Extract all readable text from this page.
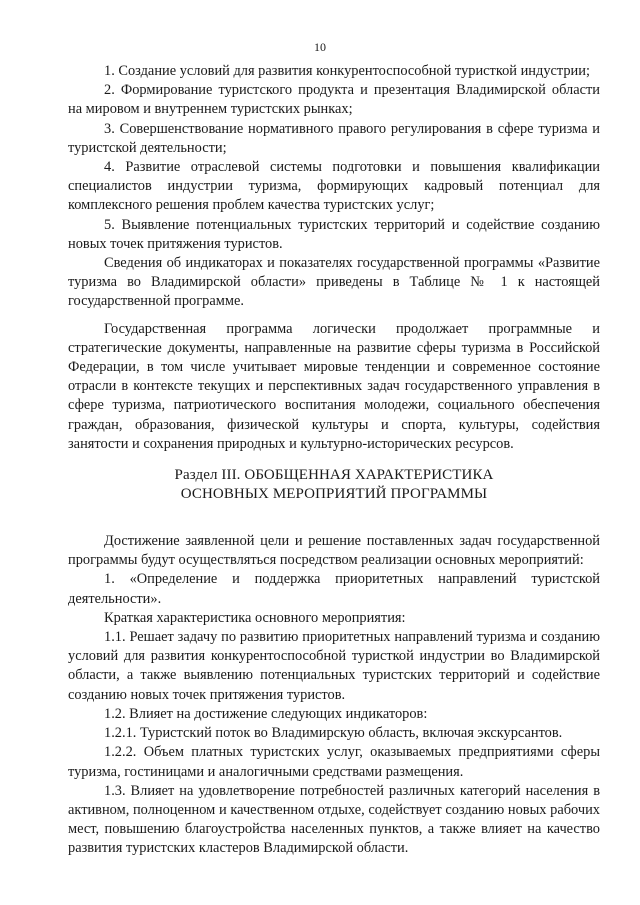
10

1. Создание условий для развития конкурентоспособной туристкой индустрии;

2. Формирование туристского продукта и презентация Владимирской области на мировом и внутреннем туристских рынках;

3. Совершенствование нормативного правого регулирования в сфере туризма и туристской деятельности;

4. Развитие отраслевой системы подготовки и повышения квалификации специалистов индустрии туризма, формирующих кадровый потенциал для комплексного решения проблем качества туристских услуг;

5. Выявление потенциальных туристских территорий и содействие созданию новых точек притяжения туристов.

Сведения об индикаторах и показателях государственной программы «Развитие туризма во Владимирской области» приведены в Таблице № 1 к настоящей государственной программе.

Государственная программа логически продолжает программные и стратегические документы, направленные на развитие сферы туризма в Российской Федерации, в том числе учитывает мировые тенденции и современное состояние отрасли в контексте текущих и перспективных задач государственного управления в сфере туризма, патриотического воспитания молодежи, социального обеспечения граждан, образования, физической культуры и спорта, культуры, содействия занятости и сохранения природных и культурно-исторических ресурсов.

Раздел III. ОБОБЩЕННАЯ ХАРАКТЕРИСТИКА
ОСНОВНЫХ МЕРОПРИЯТИЙ ПРОГРАММЫ

Достижение заявленной цели и решение поставленных задач государственной программы будут осуществляться посредством реализации основных мероприятий:

1. «Определение и поддержка приоритетных направлений туристской деятельности».

Краткая характеристика основного мероприятия:

1.1. Решает задачу по развитию приоритетных направлений туризма и созданию условий для развития конкурентоспособной туристкой индустрии во Владимирской области, а также выявлению потенциальных туристских территорий и содействие созданию новых точек притяжения туристов.

1.2. Влияет на достижение следующих индикаторов:

1.2.1. Туристский поток во Владимирскую область, включая экскурсантов.

1.2.2. Объем платных туристских услуг, оказываемых предприятиями сферы туризма, гостиницами и аналогичными средствами размещения.

1.3. Влияет на удовлетворение потребностей различных категорий населения в активном, полноценном и качественном отдыхе, содействует созданию новых рабочих мест, повышению благоустройства населенных пунктов, а также влияет на качество развития туристских кластеров Владимирской области.
